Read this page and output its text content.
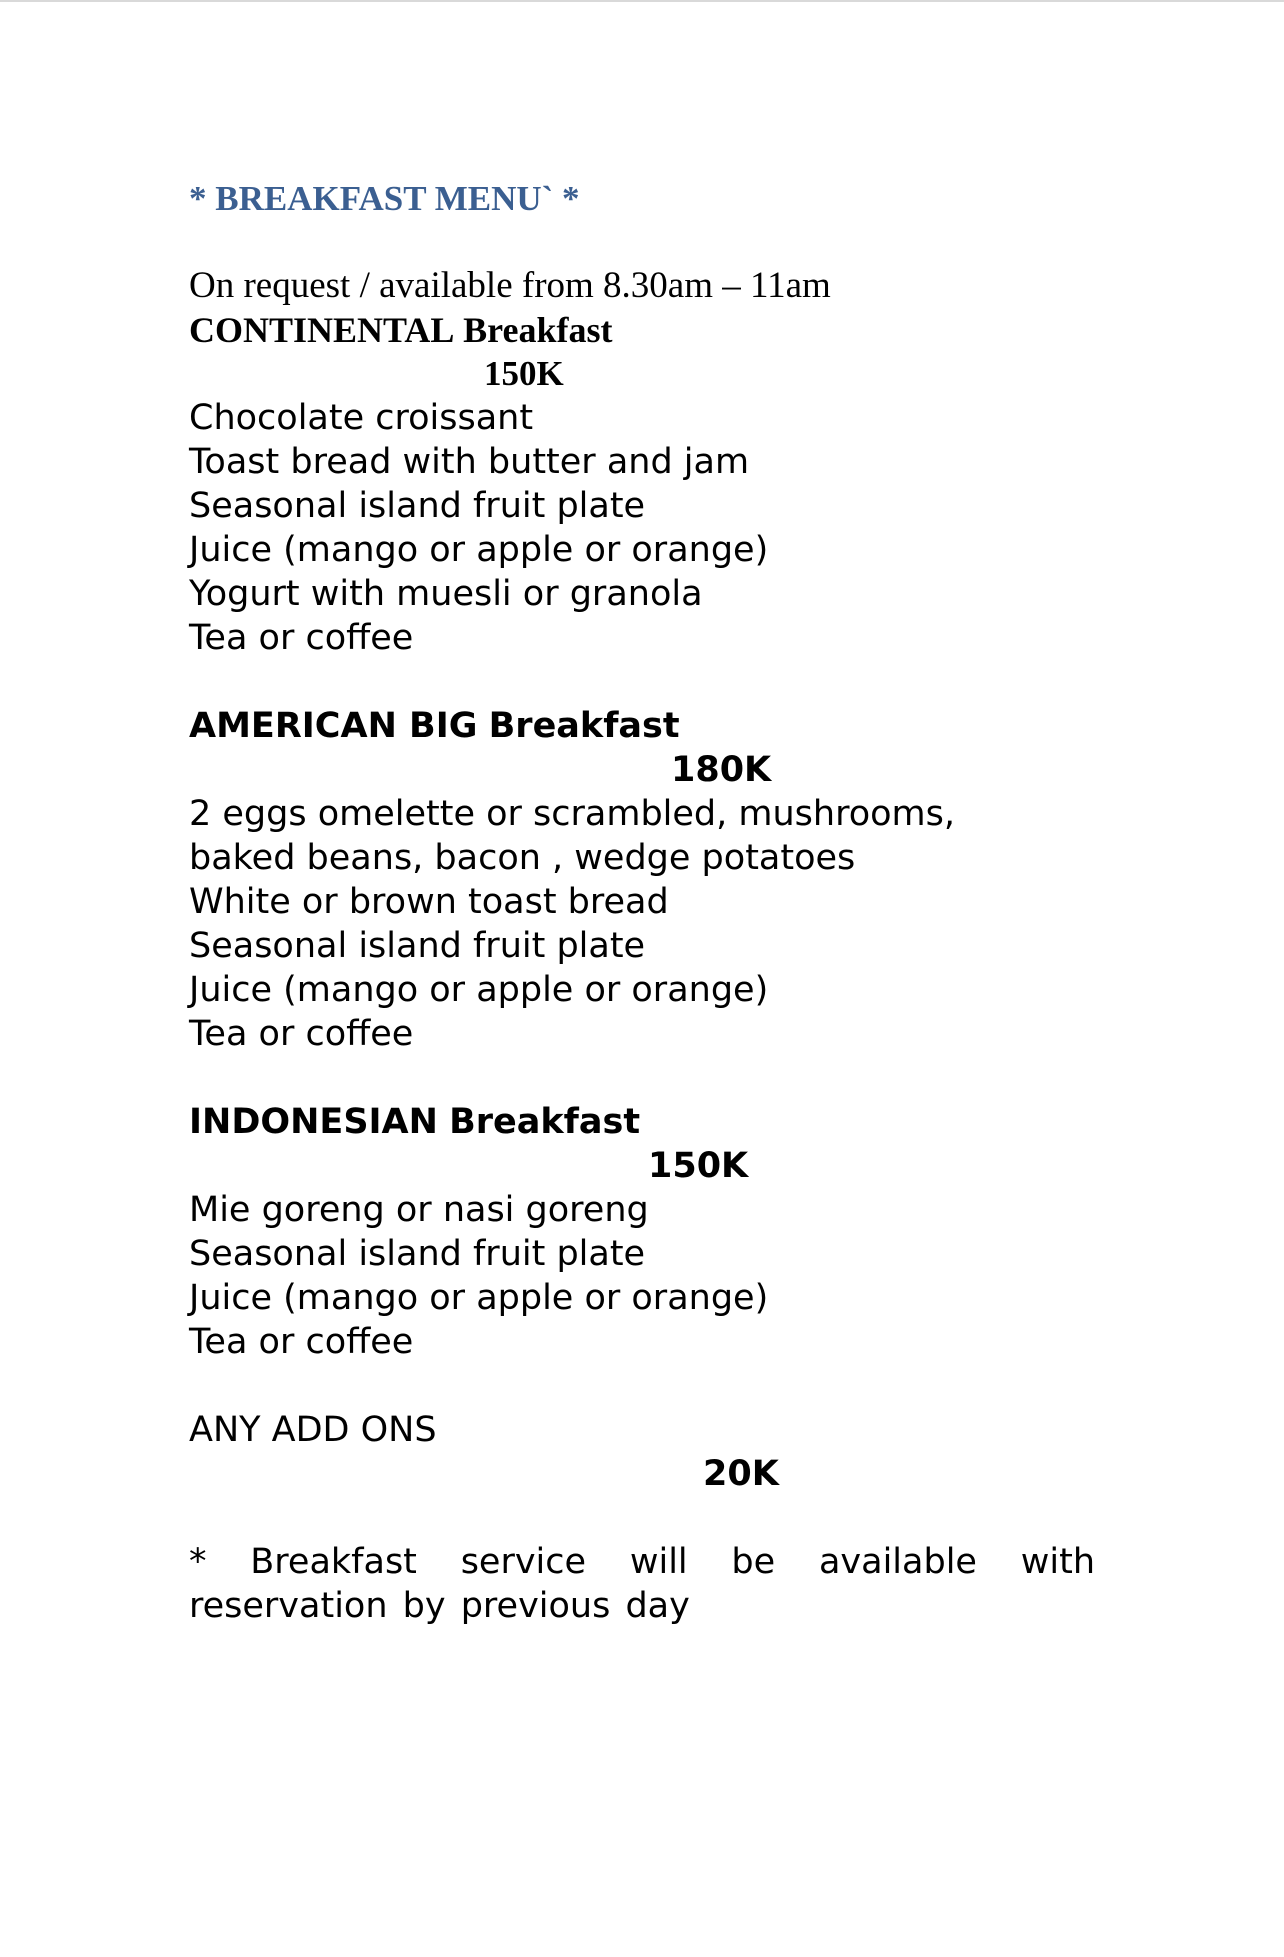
* BREAKFAST MENU` *
On request / available from 8.30am – 11am
CONTINENTAL Breakfast
150K
Chocolate croissant
Toast bread with butter and jam
Seasonal island fruit plate
Juice (mango or apple or orange)
Yogurt with muesli or granola
Tea or coffee
AMERICAN BIG Breakfast
180K
2 eggs omelette or scrambled, mushrooms, baked beans, bacon , wedge potatoes
White or brown toast bread
Seasonal island fruit plate
Juice (mango or apple or orange)
Tea or coffee
INDONESIAN Breakfast
150K
Mie goreng or nasi goreng
Seasonal island fruit plate
Juice (mango or apple or orange)
Tea or coffee
ANY ADD ONS
20K
* Breakfast service will be available with reservation by previous day
